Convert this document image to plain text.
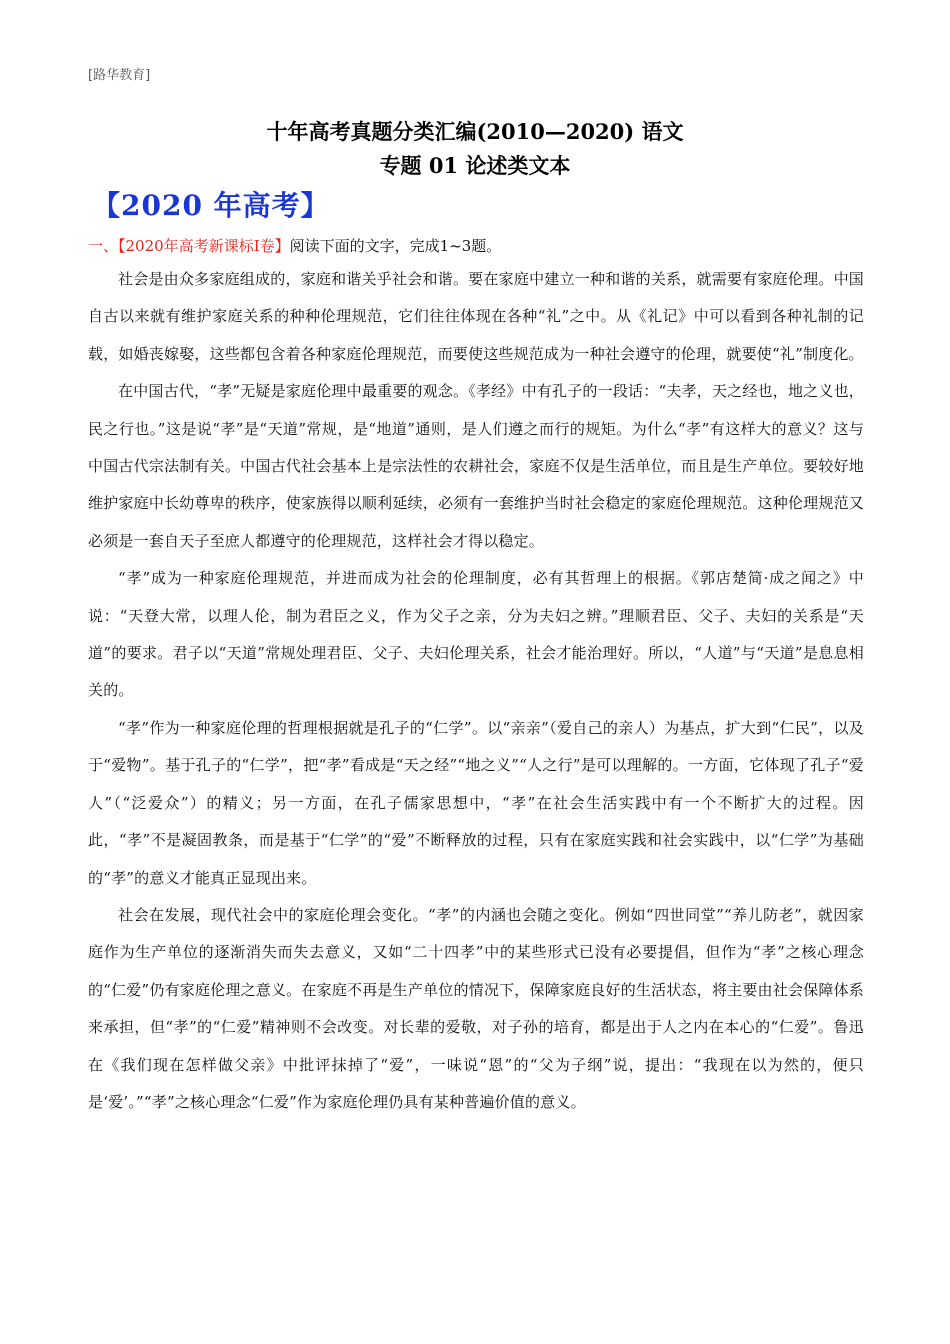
[路华教育]
十年高考真题分类汇编(2010—2020) 语文
专题 01 论述类文本
【2020 年高考】
一、【2020年高考新课标Ⅰ卷】阅读下面的文字，完成1~3题。

社会是由众多家庭组成的，家庭和谐关乎社会和谐。要在家庭中建立一种和谐的关系，就需要有家庭伦理。中国自古以来就有维护家庭关系的种种伦理规范，它们往往体现在各种“礼”之中。从《礼记》中可以看到各种礼制的记载，如婚丧嫁娶，这些都包含着各种家庭伦理规范，而要使这些规范成为一种社会遵守的伦理，就要使“礼”制度化。

在中国古代，“孝”无疑是家庭伦理中最重要的观念。《孝经》中有孔子的一段话：“夫孝，天之经也，地之义也，民之行也。”这是说“孝”是“天道”常规，是“地道”通则，是人们遵之而行的规矩。为什么“孝”有这样大的意义？这与中国古代宗法制有关。中国古代社会基本上是宗法性的农耕社会，家庭不仅是生活单位，而且是生产单位。要较好地维护家庭中长幼尊卑的秩序，使家族得以顺利延续，必须有一套维护当时社会稳定的家庭伦理规范。这种伦理规范又必须是一套自天子至庶人都遵守的伦理规范，这样社会才得以稳定。

“孝”成为一种家庭伦理规范，并进而成为社会的伦理制度，必有其哲理上的根据。《郭店楚简·成之闻之》中说：“天登大常，以理人伦，制为君臣之义，作为父子之亲，分为夫妇之辨。”理顺君臣、父子、夫妇的关系是“天道”的要求。君子以“天道”常规处理君臣、父子、夫妇伦理关系，社会才能治理好。所以，“人道”与“天道”是息息相关的。

“孝”作为一种家庭伦理的哲理根据就是孔子的“仁学”。以“亲亲”（爱自己的亲人）为基点，扩大到“仁民”，以及于“爱物”。基于孔子的“仁学”，把“孝”看成是“天之经”“地之义”“人之行”是可以理解的。一方面，它体现了孔子“爱人”（“泛爱众”）的精义；另一方面，在孔子儒家思想中，“孝”在社会生活实践中有一个不断扩大的过程。因此，“孝”不是凝固教条，而是基于“仁学”的“爱”不断释放的过程，只有在家庭实践和社会实践中，以“仁学”为基础的“孝”的意义才能真正显现出来。

社会在发展，现代社会中的家庭伦理会变化。“孝”的内涵也会随之变化。例如“四世同堂”“养儿防老”，就因家庭作为生产单位的逐渐消失而失去意义，又如“二十四孝”中的某些形式已没有必要提倡，但作为“孝”之核心理念的“仁爱”仍有家庭伦理之意义。在家庭不再是生产单位的情况下，保障家庭良好的生活状态，将主要由社会保障体系来承担，但“孝”的“仁爱”精神则不会改变。对长辈的爱敬，对子孙的培育，都是出于人之内在本心的“仁爱”。鲁迅在《我们现在怎样做父亲》中批评抹掉了“爱”，一味说“恩”的“父为子纲”说，提出：“我现在以为然的，便只是‘爱’。”“孝”之核心理念“仁爱”作为家庭伦理仍具有某种普遍价值的意义。
